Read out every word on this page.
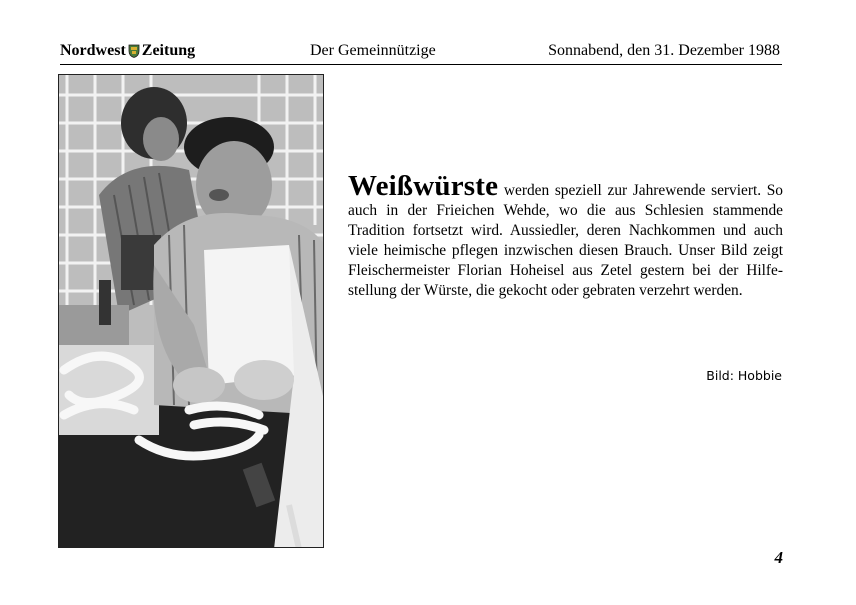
Nordwest Zeitung	Der Gemeinnützige	Sonnabend, den 31. Dezember 1988
Weißwürste werden speziell zur Jahrewende serviert. So auch in der Frieichen Wehde, wo die aus Schlesien stammende Tradition fortsetzt wird. Aussiedler, deren Nachkommen und auch viele heimische pflegen inzwischen diesen Brauch. Unser Bild zeigt Fleischermeister Florian Hoheisel aus Zetel gestern bei der Hilfestellung der Würste, die gekocht oder gebraten verzehrt werden.
Bild: Hobbie
4
